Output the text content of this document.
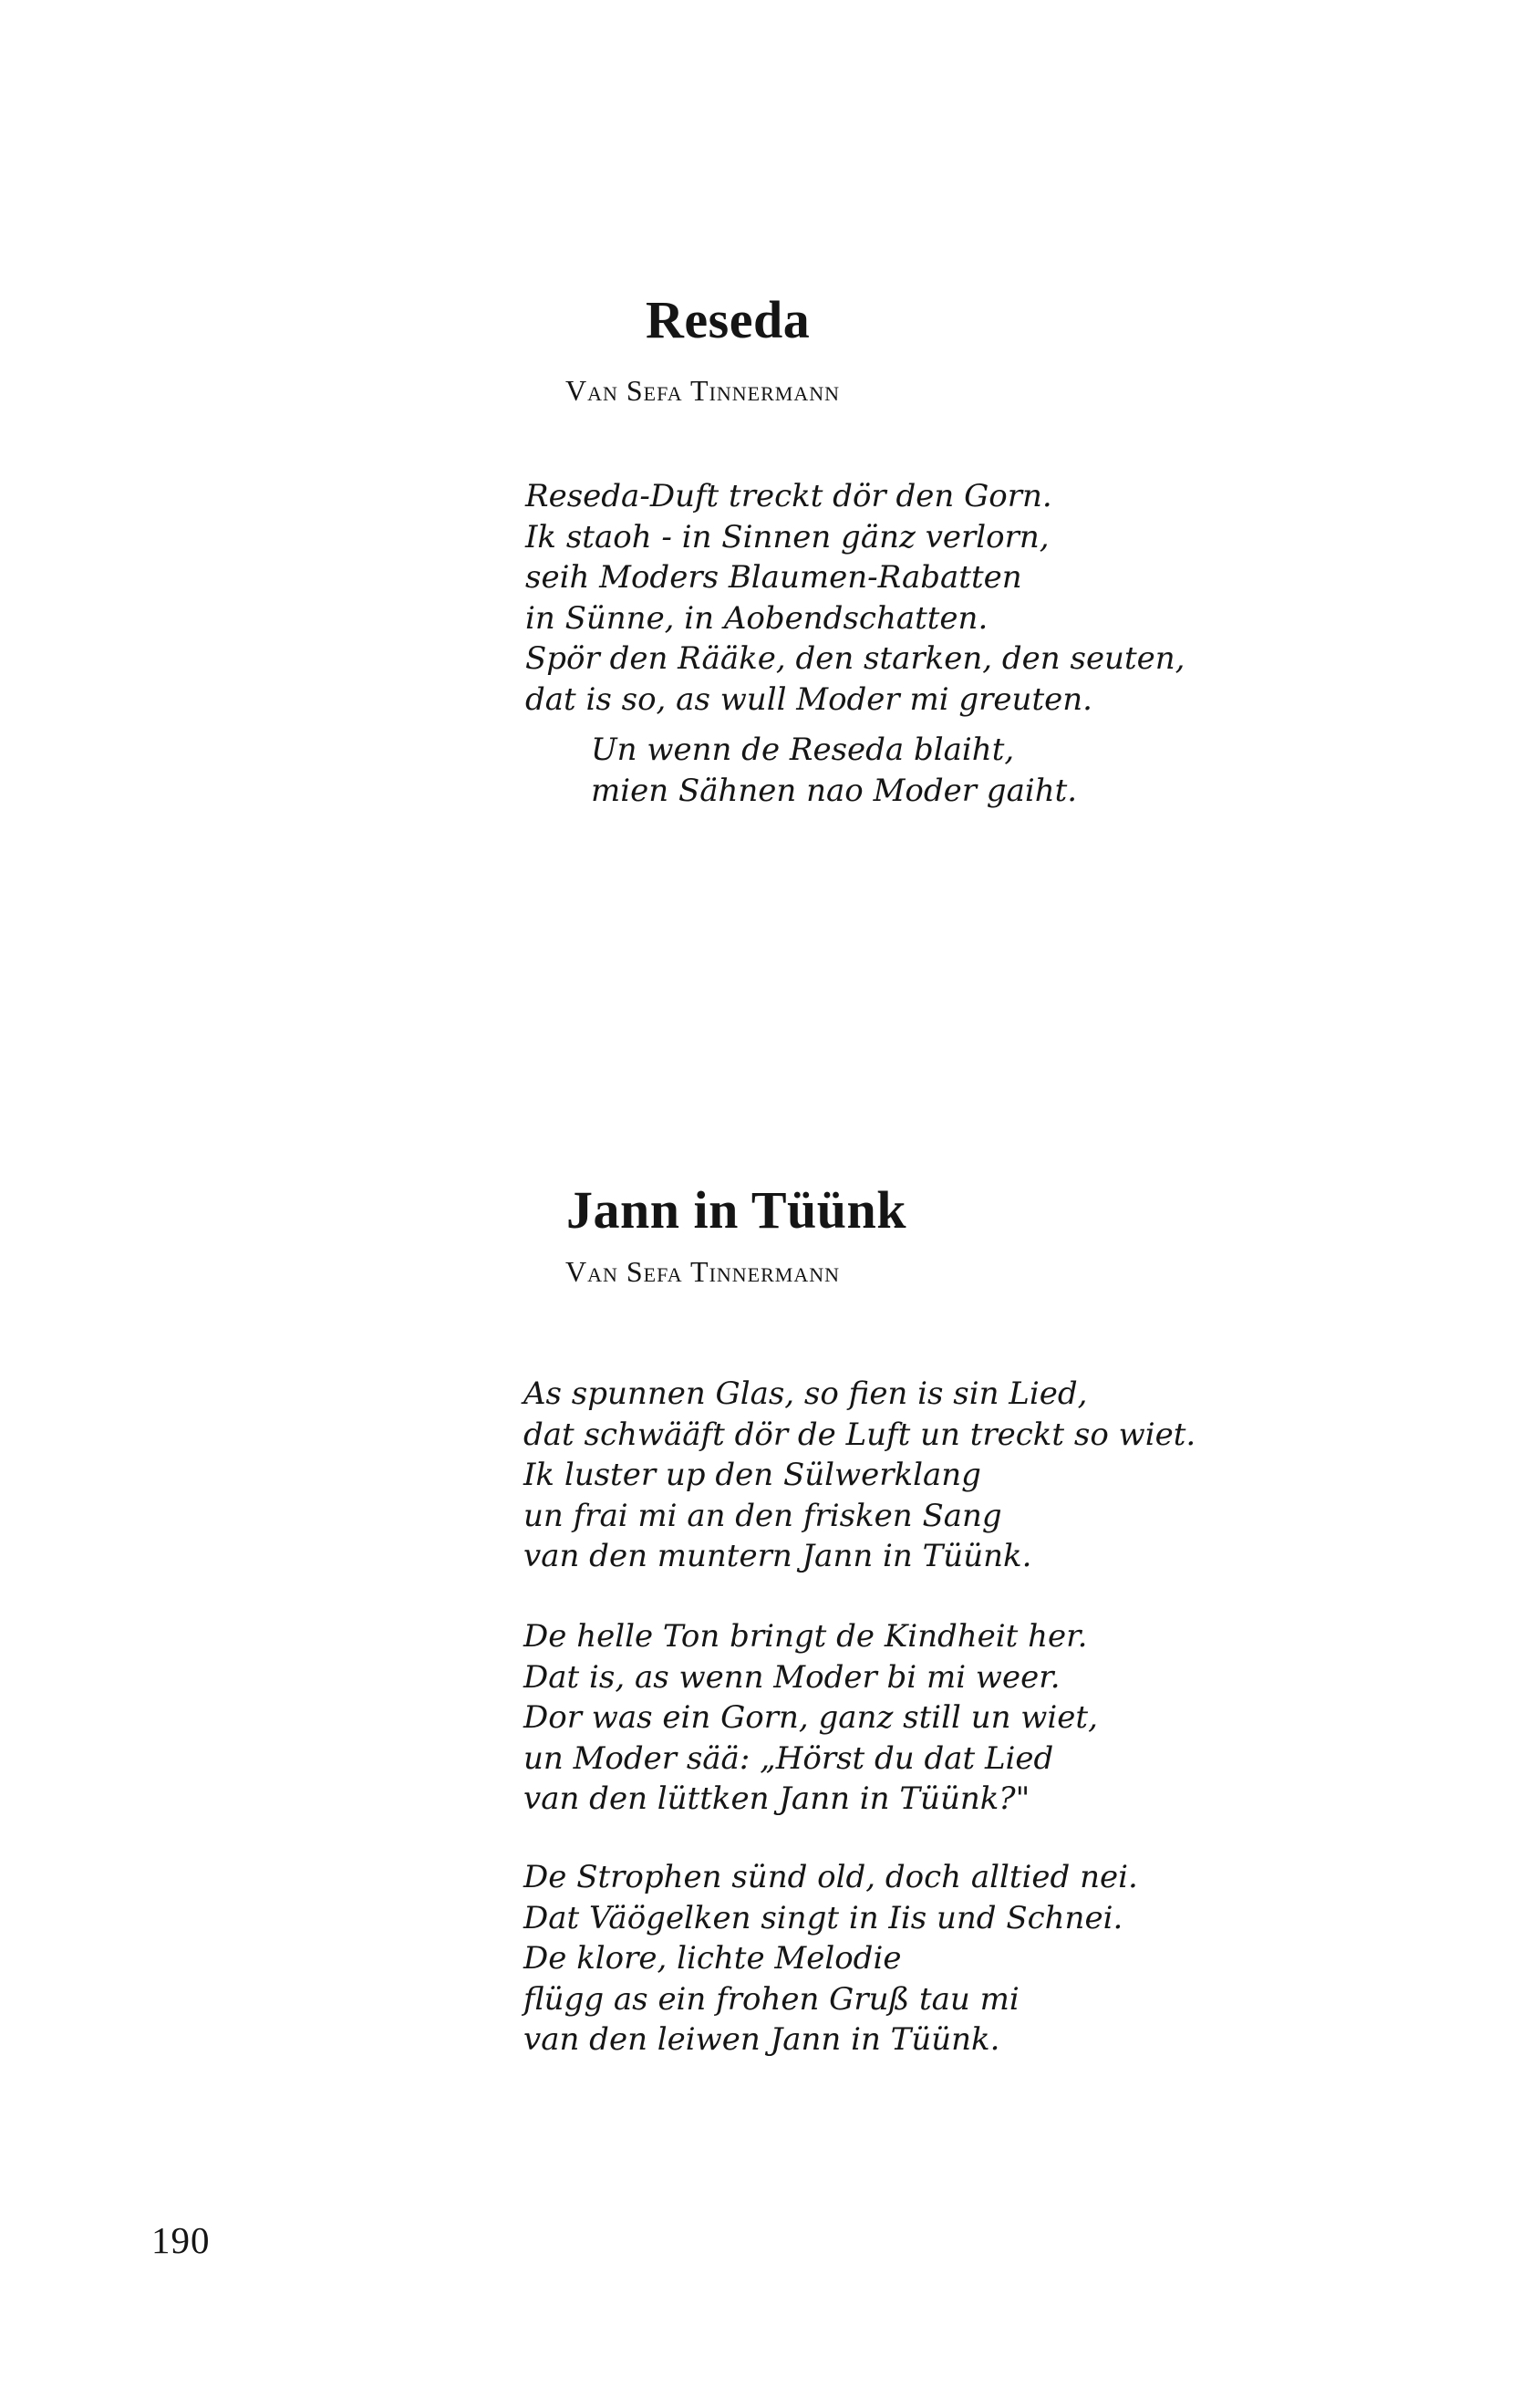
Reseda
Van Sefa Tinnermann

Reseda-Duft treckt dör den Gorn.
Ik staoh - in Sinnen gänz verlorn,
seih Moders Blaumen-Rabatten
in Sünne, in Aobendschatten.
Spör den Rääke, den starken, den seuten,
dat is so, as wull Moder mi greuten.

Un wenn de Reseda blaiht,
mien Sähnen nao Moder gaiht.

Jann in Tüünk
Van Sefa Tinnermann

As spunnen Glas, so fien is sin Lied,
dat schwääft dör de Luft un treckt so wiet.
Ik luster up den Sülwerklang
un frai mi an den frisken Sang
van den muntern Jann in Tüünk.

De helle Ton bringt de Kindheit her.
Dat is, as wenn Moder bi mi weer.
Dor was ein Gorn, ganz still un wiet,
un Moder sää: „Hörst du dat Lied
van den lüttken Jann in Tüünk?"

De Strophen sünd old, doch alltied nei.
Dat Väögelken singt in Iis und Schnei.
De klore, lichte Melodie
flügg as ein frohen Gruß tau mi
van den leiwen Jann in Tüünk.

190
